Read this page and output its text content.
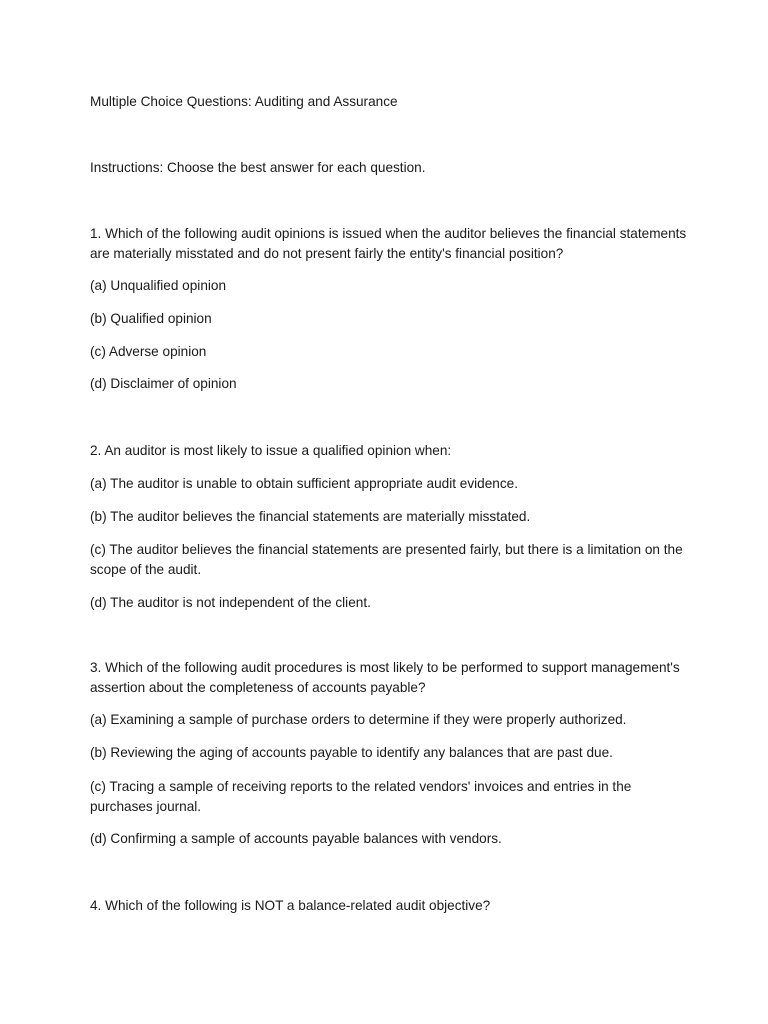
Multiple Choice Questions: Auditing and Assurance

Instructions: Choose the best answer for each question.

1. Which of the following audit opinions is issued when the auditor believes the financial statements are materially misstated and do not present fairly the entity's financial position?

(a) Unqualified opinion

(b) Qualified opinion

(c) Adverse opinion

(d) Disclaimer of opinion

2. An auditor is most likely to issue a qualified opinion when:

(a) The auditor is unable to obtain sufficient appropriate audit evidence.

(b) The auditor believes the financial statements are materially misstated.

(c) The auditor believes the financial statements are presented fairly, but there is a limitation on the scope of the audit.

(d) The auditor is not independent of the client.

3. Which of the following audit procedures is most likely to be performed to support management's assertion about the completeness of accounts payable?

(a) Examining a sample of purchase orders to determine if they were properly authorized.

(b) Reviewing the aging of accounts payable to identify any balances that are past due.

(c) Tracing a sample of receiving reports to the related vendors' invoices and entries in the purchases journal.

(d) Confirming a sample of accounts payable balances with vendors.

4. Which of the following is NOT a balance-related audit objective?
